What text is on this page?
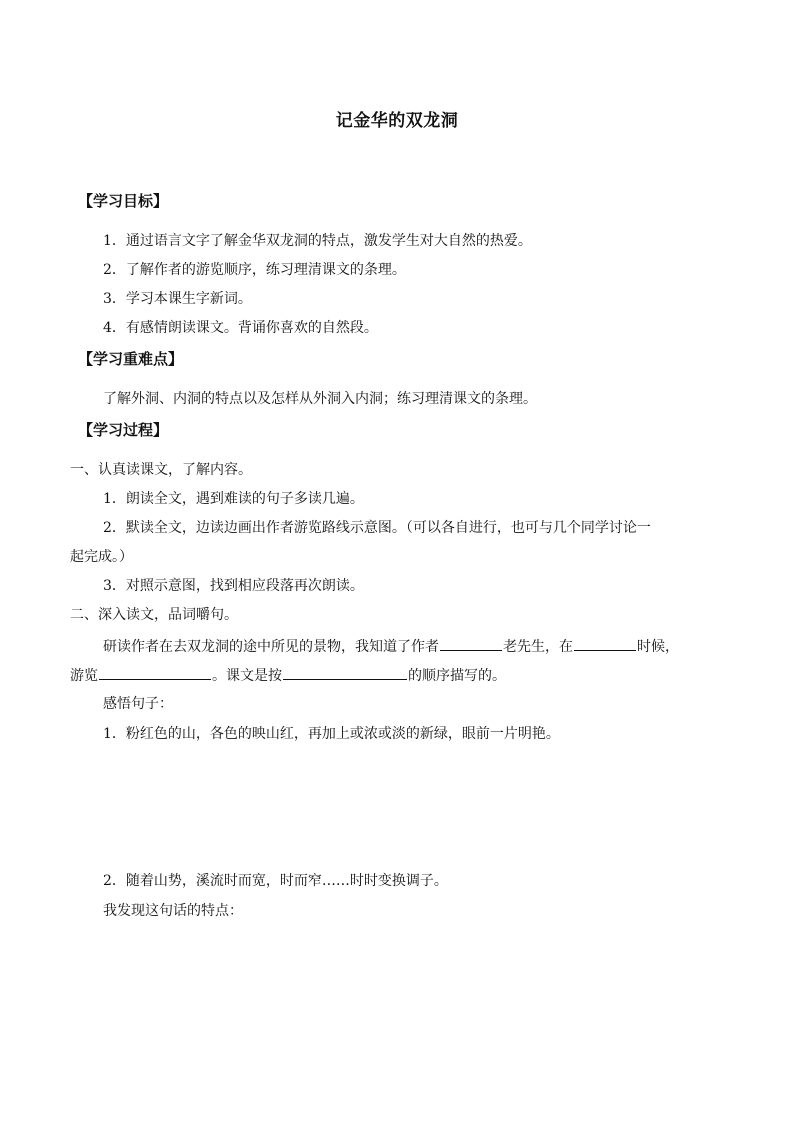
记金华的双龙洞
【学习目标】
1．通过语言文字了解金华双龙洞的特点，激发学生对大自然的热爱。
2．了解作者的游览顺序，练习理清课文的条理。
3．学习本课生字新词。
4．有感情朗读课文。背诵你喜欢的自然段。
【学习重难点】
了解外洞、内洞的特点以及怎样从外洞入内洞；练习理清课文的条理。
【学习过程】
一、认真读课文，了解内容。
1．朗读全文，遇到难读的句子多读几遍。
2．默读全文，边读边画出作者游览路线示意图。（可以各自进行，也可与几个同学讨论一
起完成。）
3．对照示意图，找到相应段落再次朗读。
二、深入读文，品词嚼句。
研读作者在去双龙洞的途中所见的景物，我知道了作者	老先生，在	时候，
游览	。课文是按	的顺序描写的。
感悟句子：
1．粉红色的山，各色的映山红，再加上或浓或淡的新绿，眼前一片明艳。
2．随着山势，溪流时而宽，时而窄……时时变换调子。
我发现这句话的特点：
